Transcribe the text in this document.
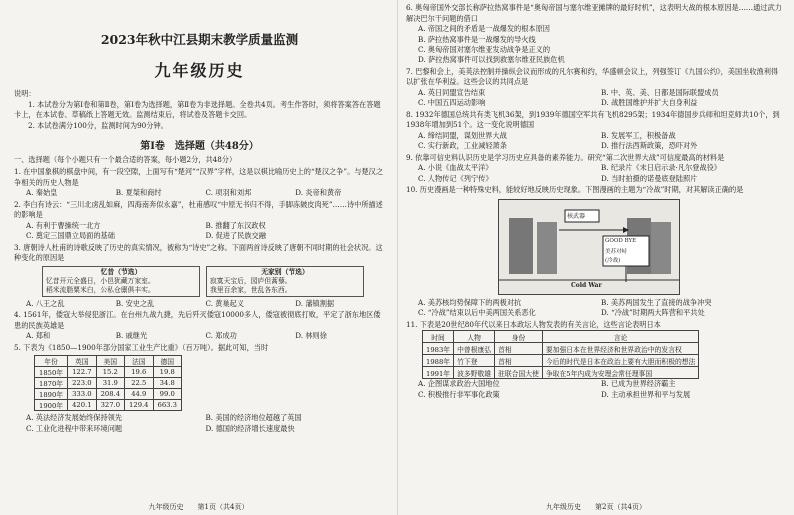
2023年秋中江县期末教学质量监测
九年级历史

说明：

1. 本试卷分为第Ⅰ卷和第Ⅱ卷，第Ⅰ卷为选择题，第Ⅱ卷为非选择题。全卷共4页。考生作答时，须将答案答在答题卡上，在本试卷、草稿纸上答题无效。监测结束后，将试卷及答题卡交回。

2. 本试卷满分100分，监测时间为90分钟。

第Ⅰ卷　选择题（共48分）

一、选择题（每个小题只有一个最合适的答案，每小题2分，共48分）

1. 在中国象棋的棋盘中间，有一段空隙，上面写有“楚河”“汉界”字样，这是以棋比喻历史上的“楚汉之争”。与楚汉之争相关的历史人物是

A. 秦始皇	B. 夏桀和商纣	C. 项羽和刘邦	D. 炎帝和黄帝

2. 李白有诗云：“三川北虏乱如麻，四海南奔似永嘉”，杜甫感叹“中原无书归不得，手脚冻皴皮肉死”……诗中所描述的影响是

A. 有利于曹操统一北方	B. 推翻了东汉政权
C. 奠定三国鼎立局面的基础	D. 促进了民族交融

3. 唐朝诗人杜甫的诗歌反映了历史的真实情况，被称为“诗史”之称。下面两首诗反映了唐朝不同时期的社会状况。这种变化的原因是

忆昔（节选）
忆昔开元全盛日，小邑犹藏万家室。
稻米流脂粟米白，公私仓廪俱丰实。
无家别（节选）
寂寞天宝后，园庐但蒿藜。
我里百余家，世乱各东西。
A. 八王之乱	B. 安史之乱	C. 黄巢起义	D. 藩镇割据

4. 1561年，倭寇大举侵犯浙江。在台州九战九捷，先后歼灭倭寇10000多人，倭寇被彻底打败，平定了浙东地区倭患的民族英雄是

A. 郑和	B. 戚继光	C. 郑成功	D. 林则徐

5. 下表为《1850—1900年部分国家工业生产比重》（百万吨）。据此可知，当时

年份	英国	美国	法国	德国
1850年	122.7	15.2	19.6	19.8
1870年	223.0	31.9	22.5	34.8
1890年	333.0	208.4	44.9	99.0
1900年	420.1	327.0	129.4	663.3
A. 英法经济发展始终保持领先	B. 美国的经济地位超越了英国
C. 工业化进程中带来环境问题	D. 德国的经济增长速度最快
九年级历史　　第1页（共4页）

6. 奥匈帝国外交部长称萨拉热窝事件是“奥匈帝国与塞尔维亚摊牌的最好时机”，这表明大战的根本原因是……通过武力解决巴尔干问题的借口

A. 帝国之间的矛盾是一战爆发的根本原因
B. 萨拉热窝事件是一战爆发的导火线
C. 奥匈帝国对塞尔维亚发动战争是正义的
D. 萨拉热窝事件可以找到救塞尔维亚民族危机

7. 巴黎和会上，美英法控制并操纵会议而形成的凡尔赛和约，华盛顿会议上，列强签订《九国公约》，美国坐收渔利得以扩张在华利益。这些会议的共同点是

A. 英日同盟宣告结束	B. 中、英、美、日都是国际联盟成员
C. 中国五四运动影响	D. 战胜国维护并扩大自身利益

8. 1932年德国总统共有类飞机36架，到1939年德国空军共有飞机8295架；1934年德国步兵师和坦克师共10个，到1938年增加到51个。这一变化说明德国

A. 缔结同盟，谋划世界大战	B. 发展军工，积极备战
C. 实行新政，工业减轻萧条	D. 推行法西斯政策，恐吓对外

9. 依靠可信史料认识历史是学习历史应具备的素养能力。研究“第二次世界大战”可信度最高的材料是

A. 小说《血战太平洋》	B. 纪录片《末日启示录·凡尔登战役》
C. 人物传记《列宁传》	D. 当时拍摄的诺曼底登陆照片

10. 历史漫画是一种特殊史料，能较好地反映历史现象。下图漫画的主题为“冷战”时期，对其解读正确的是

核武器
GOOD BYE
美苏对峙
(冷战)
Cold War
A. 美苏核均势保障下的两极对抗	B. 美苏两国发生了直接的战争冲突
C. “冷战”结束以后中美两国关系恶化	D. “冷战”时期两大阵营和平共处

11. 下表是20世纪80年代以来日本政坛人物发表的有关言论，这些言论表明日本

时间	人物	身份	言论
1983年	中曾根康弘	首相	要加强日本在世界经济和世界政治中的发言权
1988年	竹下登	首相	今后的时代是日本在政治上要有大胆而积极的想法
1991年	波多野敬雄	驻联合国大使	争取在5年内成为安理会常任理事国
A. 企图谋求政治大国地位	B. 已成为世界经济霸主
C. 积极推行非军事化政策	D. 主动承担世界和平与发展
九年级历史　　第2页（共4页）
